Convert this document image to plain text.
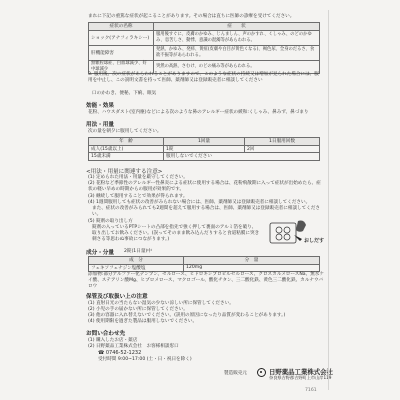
まれに下記の重篤な症状が起こることがあります。その場合は直ちに医師の診療を受けてください。
症状の名称	症　　状
ショック(アナフィラキシー)	服用後すぐに、皮膚のかゆみ、じんましん、声のかすれ、くしゃみ、のどのかゆみ、息苦しさ、動悸、意識の混濁等があらわれる。
肝機能障害	発熱、かゆみ、発疹、黄疸(皮膚や白目が黄色くなる)、褐色尿、全身のだるさ、食欲不振等があらわれる。
無顆粒球症、白血球減少、好中球減少	突然の高熱、さむけ、のどの痛み等があらわれる。
3. 服用後、次の症状があらわれることがありますので、このような症状の持続又は増加が見られた場合には、服用を中止し、この説明文書を持って医師、薬剤師又は登録販売者に相談してください
口のかわき、便秘、下痢、眠気
効能・効果
花粉、ハウスダスト(室内塵)などによる次のような鼻のアレルギー症状の緩和:くしゃみ、鼻みず、鼻づまり
用法・用量
次の量を朝夕に服用してください。
年　齢	1回量	1日服用回数
成人(15歳以上)	1錠	2回
15歳未満	服用しないでください	
<用法・用量に関連する注意>
(1) 定められた用法・用量を厳守してください。
(2) 花粉など季節性のアレルギー性鼻炎による症状に使用する場合は、花粉飛散期に入って症状が出始めたら、症状の軽い早めの時期からの服用が効果的です。
(3) 継続して服用することで効果が得られます。
(4) 1週間服用しても症状の改善がみられない場合には、医師、薬剤師又は登録販売者に相談してください。
また、症状の改善がみられても2週間を超えて服用する場合は、医師、薬剤師又は登録販売者に相談してください。
(5) 錠剤の取り出し方
錠剤の入っているPTPシートの凸部を指先で強く押して裏面のアルミ箔を破り、取り出してお飲みください。(誤ってそのまま飲み込んだりすると食道粘膜に突き刺さる等思わぬ事故につながります。)	おしだす
成分・分量 2錠(1日量)中
成　分	分　量
フェキソフェナジン塩酸塩	120mg
添加物:部分アルファー化デンプン、セルロース、ヒドロキシプロピルセルロース、クロスカルメロースNa、無水ケイ酸、ステアリン酸Mg、ヒプロメロース、マクロゴール、酸化チタン、三二酸化鉄、黄色三二酸化鉄、カルナウバロウ
保管及び取扱い上の注意
(1) 直射日光の当たらない湿気の少ない涼しい所に保管してください。
(2) 小児の手の届かない所に保管してください。
(3) 他の容器に入れ替えないでください。(誤用の原因になったり品質が変わることがあります。)
(4) 使用期限を過ぎた製品は服用しないでください。
お問い合わせ先
(1) 購入したお店・薬店
(2) 日野薬品工業株式会社　お客様相談窓口
☎ 0746-52-1232
受付時間 9:00~17:00 (土・日・祝日を除く)
製造販売元	日野薬品工業株式会社
奈良県吉野郡吉野町上市山岸119
7161
